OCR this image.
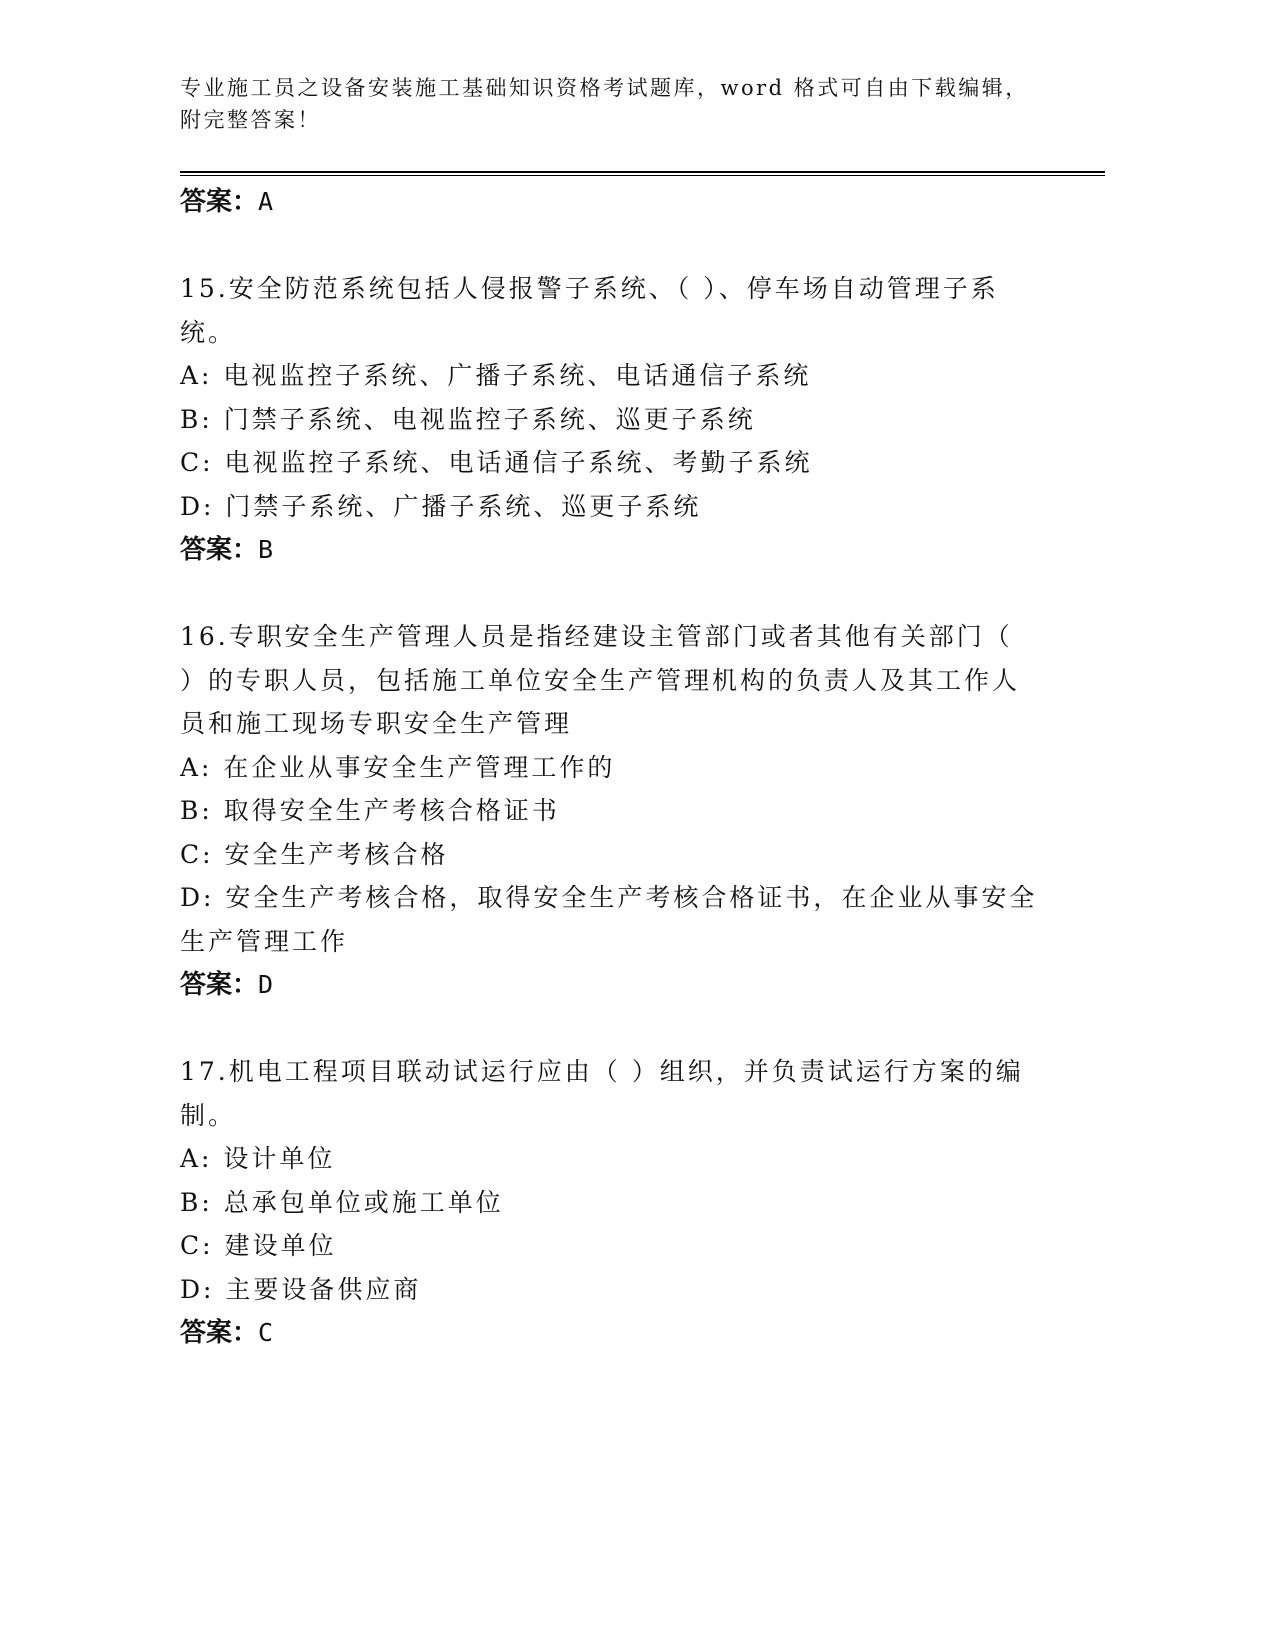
专业施工员之设备安装施工基础知识资格考试题库，word 格式可自由下载编辑，
附完整答案！
答案：A
15.安全防范系统包括人侵报警子系统、（ ）、停车场自动管理子系
统。
A: 电视监控子系统、广播子系统、电话通信子系统
B: 门禁子系统、电视监控子系统、巡更子系统
C: 电视监控子系统、电话通信子系统、考勤子系统
D: 门禁子系统、广播子系统、巡更子系统
答案：B
16.专职安全生产管理人员是指经建设主管部门或者其他有关部门（
）的专职人员，包括施工单位安全生产管理机构的负责人及其工作人
员和施工现场专职安全生产管理
A: 在企业从事安全生产管理工作的
B: 取得安全生产考核合格证书
C: 安全生产考核合格
D: 安全生产考核合格，取得安全生产考核合格证书，在企业从事安全
生产管理工作
答案：D
17.机电工程项目联动试运行应由（ ）组织，并负责试运行方案的编
制。
A: 设计单位
B: 总承包单位或施工单位
C: 建设单位
D: 主要设备供应商
答案：C
